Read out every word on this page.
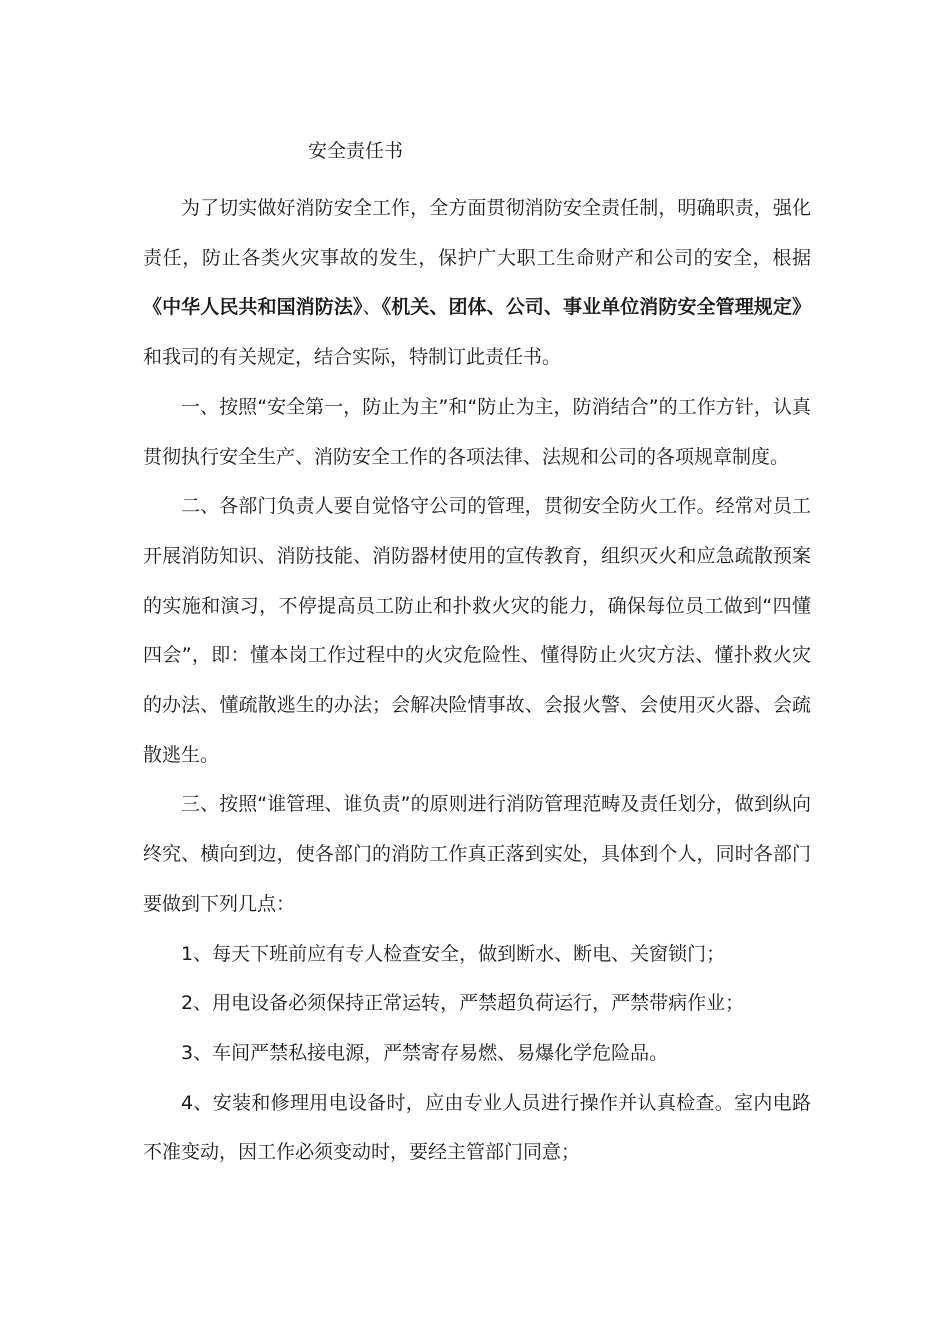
安全责任书

为了切实做好消防安全工作，全方面贯彻消防安全责任制，明确职责，强化责任，防止各类火灾事故的发生，保护广大职工生命财产和公司的安全，根据《中华人民共和国消防法》、《机关、团体、公司、事业单位消防安全管理规定》和我司的有关规定，结合实际，特制订此责任书。

一、按照“安全第一，防止为主”和“防止为主，防消结合”的工作方针，认真贯彻执行安全生产、消防安全工作的各项法律、法规和公司的各项规章制度。

二、各部门负责人要自觉恪守公司的管理，贯彻安全防火工作。经常对员工开展消防知识、消防技能、消防器材使用的宣传教育，组织灭火和应急疏散预案的实施和演习，不停提高员工防止和扑救火灾的能力，确保每位员工做到“四懂四会”，即：懂本岗工作过程中的火灾危险性、懂得防止火灾方法、懂扑救火灾的办法、懂疏散逃生的办法；会解决险情事故、会报火警、会使用灭火器、会疏散逃生。

三、按照“谁管理、谁负责”的原则进行消防管理范畴及责任划分，做到纵向终究、横向到边，使各部门的消防工作真正落到实处，具体到个人，同时各部门要做到下列几点：

1、每天下班前应有专人检查安全，做到断水、断电、关窗锁门；

2、用电设备必须保持正常运转，严禁超负荷运行，严禁带病作业；

3、车间严禁私接电源，严禁寄存易燃、易爆化学危险品。

4、安装和修理用电设备时，应由专业人员进行操作并认真检查。室内电路不准变动，因工作必须变动时，要经主管部门同意；
